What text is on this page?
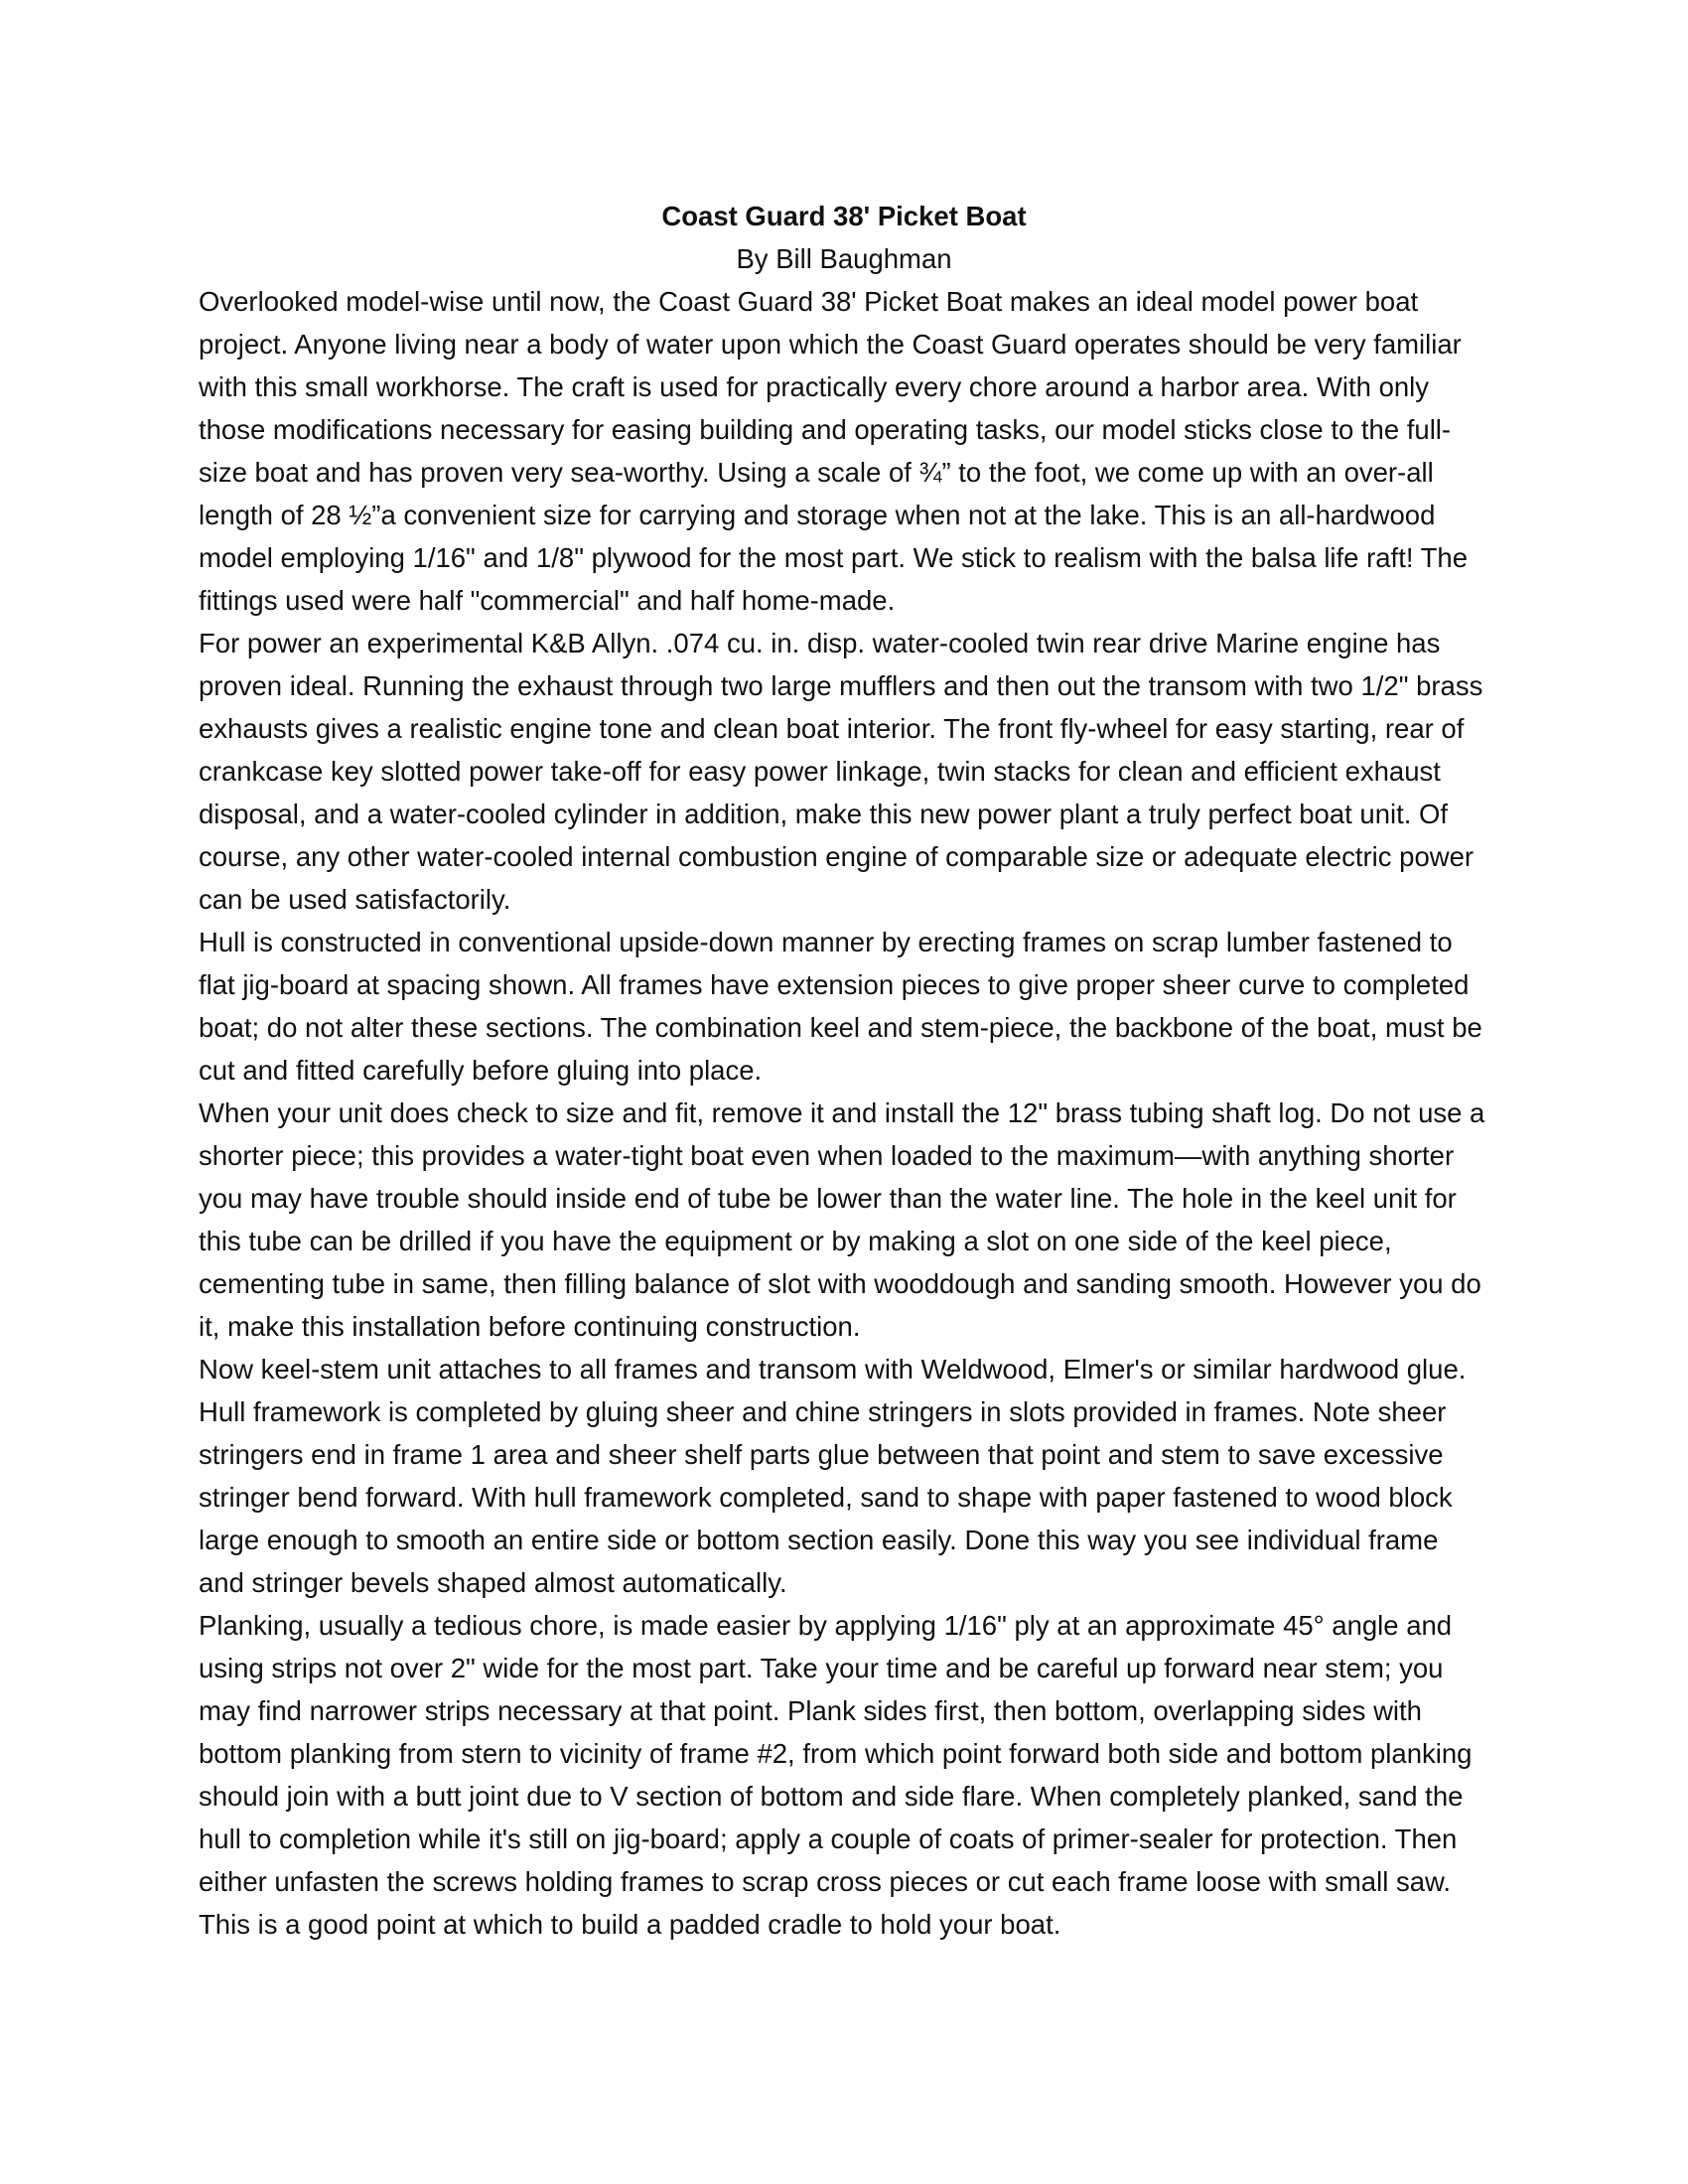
Coast Guard 38' Picket Boat

By Bill Baughman

Overlooked model-wise until now, the Coast Guard 38' Picket Boat makes an ideal model power boat project. Anyone living near a body of water upon which the Coast Guard operates should be very familiar with this small workhorse. The craft is used for practically every chore around a harbor area. With only those modifications necessary for easing building and operating tasks, our model sticks close to the full-size boat and has proven very sea-worthy. Using a scale of ¾” to the foot, we come up with an over-all length of 28 ½”a convenient size for carrying and storage when not at the lake. This is an all-hardwood model employing 1/16" and 1/8" plywood for the most part. We stick to realism with the balsa life raft! The fittings used were half "commercial" and half home-made.

For power an experimental K&B Allyn. .074 cu. in. disp. water-cooled twin rear drive Marine engine has proven ideal. Running the exhaust through two large mufflers and then out the transom with two 1/2" brass exhausts gives a realistic engine tone and clean boat interior. The front fly-wheel for easy starting, rear of crankcase key slotted power take-off for easy power linkage, twin stacks for clean and efficient exhaust disposal, and a water-cooled cylinder in addition, make this new power plant a truly perfect boat unit. Of course, any other water-cooled internal combustion engine of comparable size or adequate electric power can be used satisfactorily.

Hull is constructed in conventional upside-down manner by erecting frames on scrap lumber fastened to flat jig-board at spacing shown. All frames have extension pieces to give proper sheer curve to completed boat; do not alter these sections. The combination keel and stem-piece, the backbone of the boat, must be cut and fitted carefully before gluing into place.

When your unit does check to size and fit, remove it and install the 12" brass tubing shaft log. Do not use a shorter piece; this provides a water-tight boat even when loaded to the maximum—with anything shorter you may have trouble should inside end of tube be lower than the water line. The hole in the keel unit for this tube can be drilled if you have the equipment or by making a slot on one side of the keel piece, cementing tube in same, then filling balance of slot with wooddough and sanding smooth. However you do it, make this installation before continuing construction.

Now keel-stem unit attaches to all frames and transom with Weldwood, Elmer's or similar hardwood glue. Hull framework is completed by gluing sheer and chine stringers in slots provided in frames. Note sheer stringers end in frame 1 area and sheer shelf parts glue between that point and stem to save excessive stringer bend forward. With hull framework completed, sand to shape with paper fastened to wood block large enough to smooth an entire side or bottom section easily. Done this way you see individual frame and stringer bevels shaped almost automatically.

Planking, usually a tedious chore, is made easier by applying 1/16" ply at an approximate 45° angle and using strips not over 2" wide for the most part. Take your time and be careful up forward near stem; you may find narrower strips necessary at that point. Plank sides first, then bottom, overlapping sides with bottom planking from stern to vicinity of frame #2, from which point forward both side and bottom planking should join with a butt joint due to V section of bottom and side flare. When completely planked, sand the hull to completion while it's still on jig-board; apply a couple of coats of primer-sealer for protection. Then either unfasten the screws holding frames to scrap cross pieces or cut each frame loose with small saw. This is a good point at which to build a padded cradle to hold your boat.
